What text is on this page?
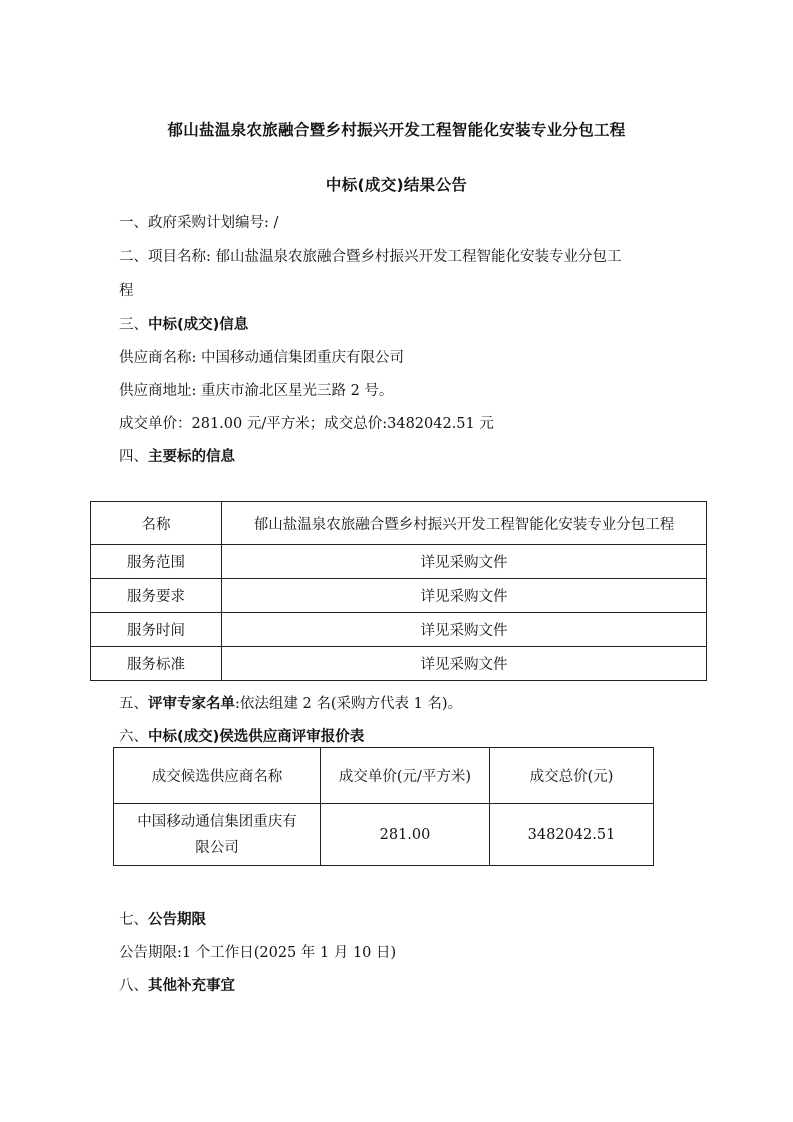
郁山盐温泉农旅融合暨乡村振兴开发工程智能化安装专业分包工程
中标(成交)结果公告
一、政府采购计划编号: /
二、项目名称: 郁山盐温泉农旅融合暨乡村振兴开发工程智能化安装专业分包工
程
三、中标(成交)信息
供应商名称: 中国移动通信集团重庆有限公司
供应商地址: 重庆市渝北区星光三路 2 号。
成交单价：281.00 元/平方米；成交总价:3482042.51 元
四、主要标的信息
名称	郁山盐温泉农旅融合暨乡村振兴开发工程智能化安装专业分包工程
服务范围	详见采购文件
服务要求	详见采购文件
服务时间	详见采购文件
服务标准	详见采购文件
五、评审专家名单:依法组建 2 名(采购方代表 1 名)。
六、中标(成交)侯选供应商评审报价表
成交候选供应商名称	成交单价(元/平方米)	成交总价(元)
中国移动通信集团重庆有
限公司	281.00	3482042.51
七、公告期限
公告期限:1 个工作日(2025 年 1 月 10 日)
八、其他补充事宜
